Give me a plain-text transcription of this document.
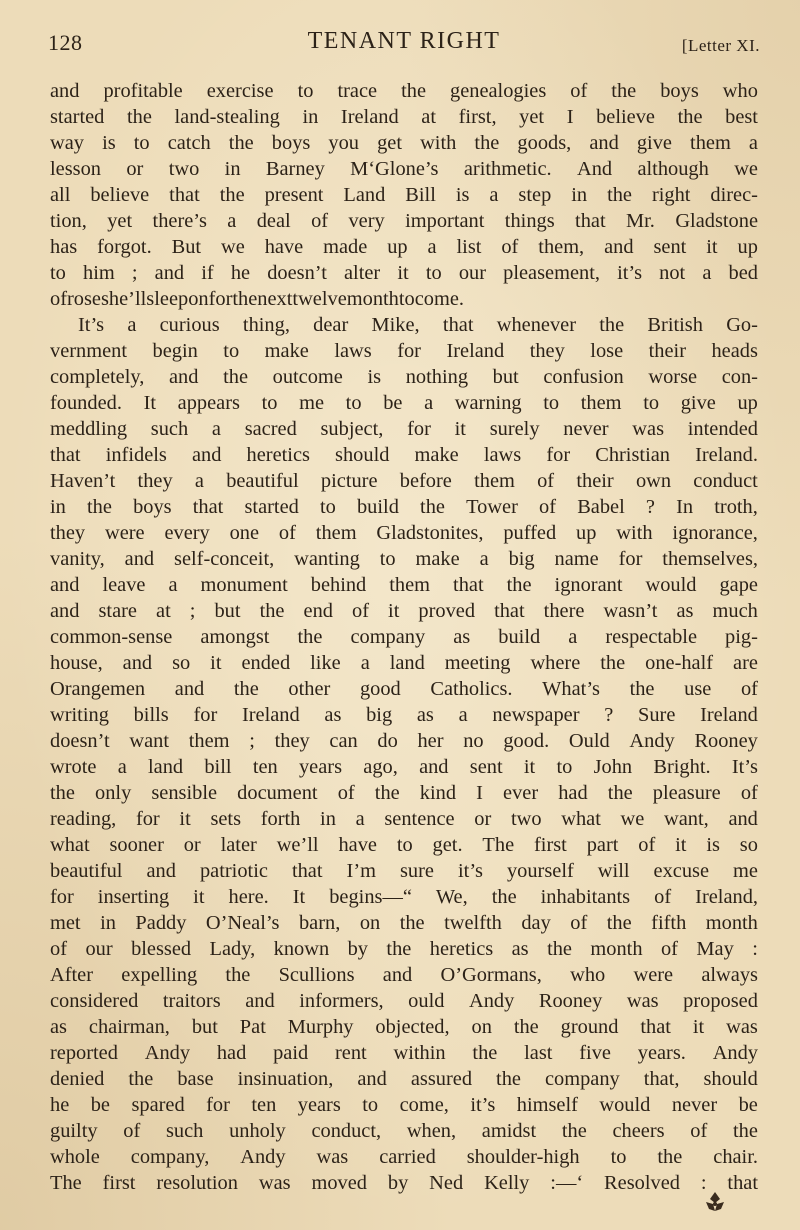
128	TENANT RIGHT	[Letter XI.
and profitable exercise to trace the genealogies of the boys who
started the land-stealing in Ireland at first, yet I believe the best
way is to catch the boys you get with the goods, and give them a
lesson or two in Barney M‘Glone’s arithmetic. And although we
all believe that the present Land Bill is a step in the right direc-
tion, yet there’s a deal of very important things that Mr. Gladstone
has forgot. But we have made up a list of them, and sent it up
to him ; and if he doesn’t alter it to our pleasement, it’s not a bed
of roses he’ll sleep on for the next twelvemonth to come.
It’s a curious thing, dear Mike, that whenever the British Go-
vernment begin to make laws for Ireland they lose their heads
completely, and the outcome is nothing but confusion worse con-
founded. It appears to me to be a warning to them to give up
meddling such a sacred subject, for it surely never was intended
that infidels and heretics should make laws for Christian Ireland.
Haven’t they a beautiful picture before them of their own conduct
in the boys that started to build the Tower of Babel ? In troth,
they were every one of them Gladstonites, puffed up with ignorance,
vanity, and self-conceit, wanting to make a big name for themselves,
and leave a monument behind them that the ignorant would gape
and stare at ; but the end of it proved that there wasn’t as much
common-sense amongst the company as build a respectable pig-
house, and so it ended like a land meeting where the one-half are
Orangemen and the other good Catholics. What’s the use of
writing bills for Ireland as big as a newspaper ? Sure Ireland
doesn’t want them ; they can do her no good. Ould Andy Rooney
wrote a land bill ten years ago, and sent it to John Bright. It’s
the only sensible document of the kind I ever had the pleasure of
reading, for it sets forth in a sentence or two what we want, and
what sooner or later we’ll have to get. The first part of it is so
beautiful and patriotic that I’m sure it’s yourself will excuse me
for inserting it here. It begins—“ We, the inhabitants of Ireland,
met in Paddy O’Neal’s barn, on the twelfth day of the fifth month
of our blessed Lady, known by the heretics as the month of May :
After expelling the Scullions and O’Gormans, who were always
considered traitors and informers, ould Andy Rooney was proposed
as chairman, but Pat Murphy objected, on the ground that it was
reported Andy had paid rent within the last five years. Andy
denied the base insinuation, and assured the company that, should
he be spared for ten years to come, it’s himself would never be
guilty of such unholy conduct, when, amidst the cheers of the
whole company, Andy was carried shoulder-high to the chair.
The first resolution was moved by Ned Kelly :—‘ Resolved : that
